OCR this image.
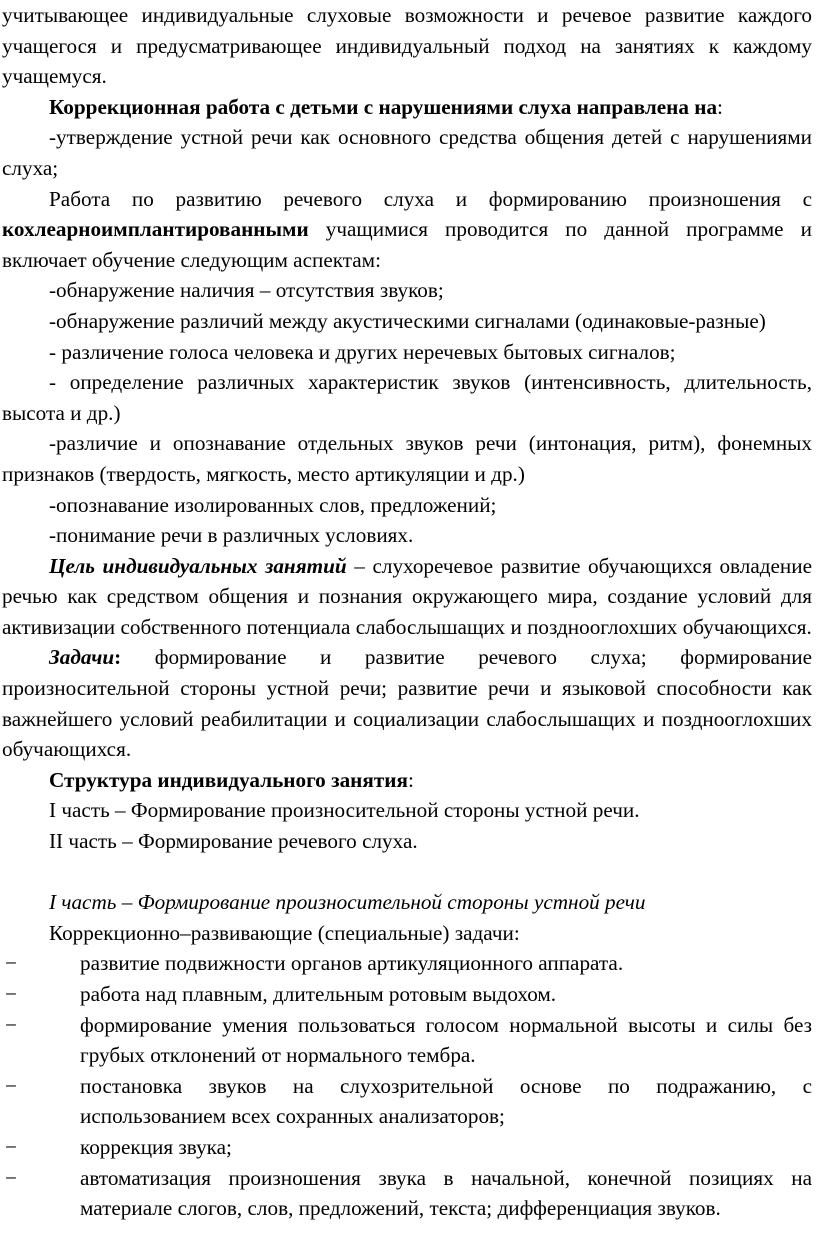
учитывающее индивидуальные слуховые возможности и речевое развитие каждого учащегося и предусматривающее индивидуальный подход на занятиях к каждому учащемуся.

Коррекционная работа с детьми с нарушениями слуха направлена на:

-утверждение устной речи как основного средства общения детей с нарушениями слуха;

Работа по развитию речевого слуха и формированию произношения с кохлеарноимплантированными учащимися проводится по данной программе и включает обучение следующим аспектам:

-обнаружение наличия – отсутствия звуков;

-обнаружение различий между акустическими сигналами (одинаковые-разные)

- различение голоса человека и других неречевых бытовых сигналов;

- определение различных характеристик звуков (интенсивность, длительность, высота и др.)

-различие и опознавание отдельных звуков речи (интонация, ритм), фонемных признаков (твердость, мягкость, место артикуляции и др.)

-опознавание изолированных слов, предложений;

-понимание речи в различных условиях.

Цель индивидуальных занятий – слухоречевое развитие обучающихся овладение речью как средством общения и познания окружающего мира, создание условий для активизации собственного потенциала слабослышащих и позднооглохших обучающихся.

Задачи: формирование и развитие речевого слуха; формирование произносительной стороны устной речи; развитие речи и языковой способности как важнейшего условий реабилитации и социализации слабослышащих и позднооглохших обучающихся.

Структура индивидуального занятия:

I часть – Формирование произносительной стороны устной речи.

II часть – Формирование речевого слуха.

I часть – Формирование произносительной стороны устной речи

Коррекционно–развивающие (специальные) задачи:

−	развитие подвижности органов артикуляционного аппарата.
−	работа над плавным, длительным ротовым выдохом.
−	формирование умения пользоваться голосом нормальной высоты и силы без грубых отклонений от нормального тембра.
−	постановка звуков на слухозрительной основе по подражанию, с использованием всех сохранных анализаторов;
−	коррекция звука;
−	автоматизация произношения звука в начальной, конечной позициях на материале слогов, слов, предложений, текста; дифференциация звуков.
